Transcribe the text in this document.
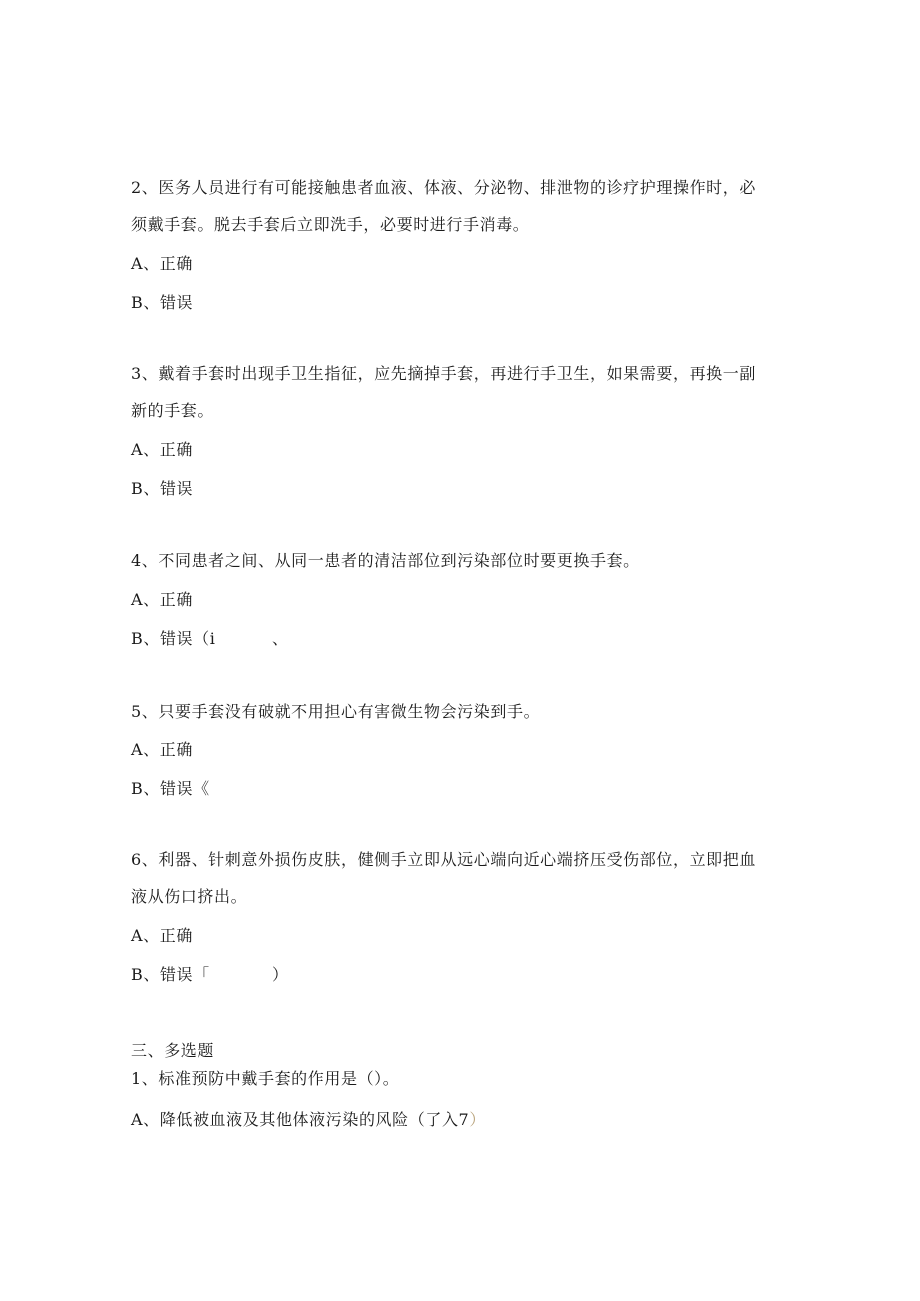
2、医务人员进行有可能接触患者血液、体液、分泌物、排泄物的诊疗护理操作时，必
须戴手套。脱去手套后立即洗手，必要时进行手消毒。
A、正确
B、错误
3、戴着手套时出现手卫生指征，应先摘掉手套，再进行手卫生，如果需要，再换一副
新的手套。
A、正确
B、错误
4、不同患者之间、从同一患者的清洁部位到污染部位时要更换手套。
A、正确
B、错误（i	、
5、只要手套没有破就不用担心有害微生物会污染到手。
A、正确
B、错误《
6、利器、针刺意外损伤皮肤，健侧手立即从远心端向近心端挤压受伤部位，立即把血
液从伤口挤出。
A、正确
B、错误「	）
三、多选题
1、标准预防中戴手套的作用是（）。
A、降低被血液及其他体液污染的风险（了入7）
